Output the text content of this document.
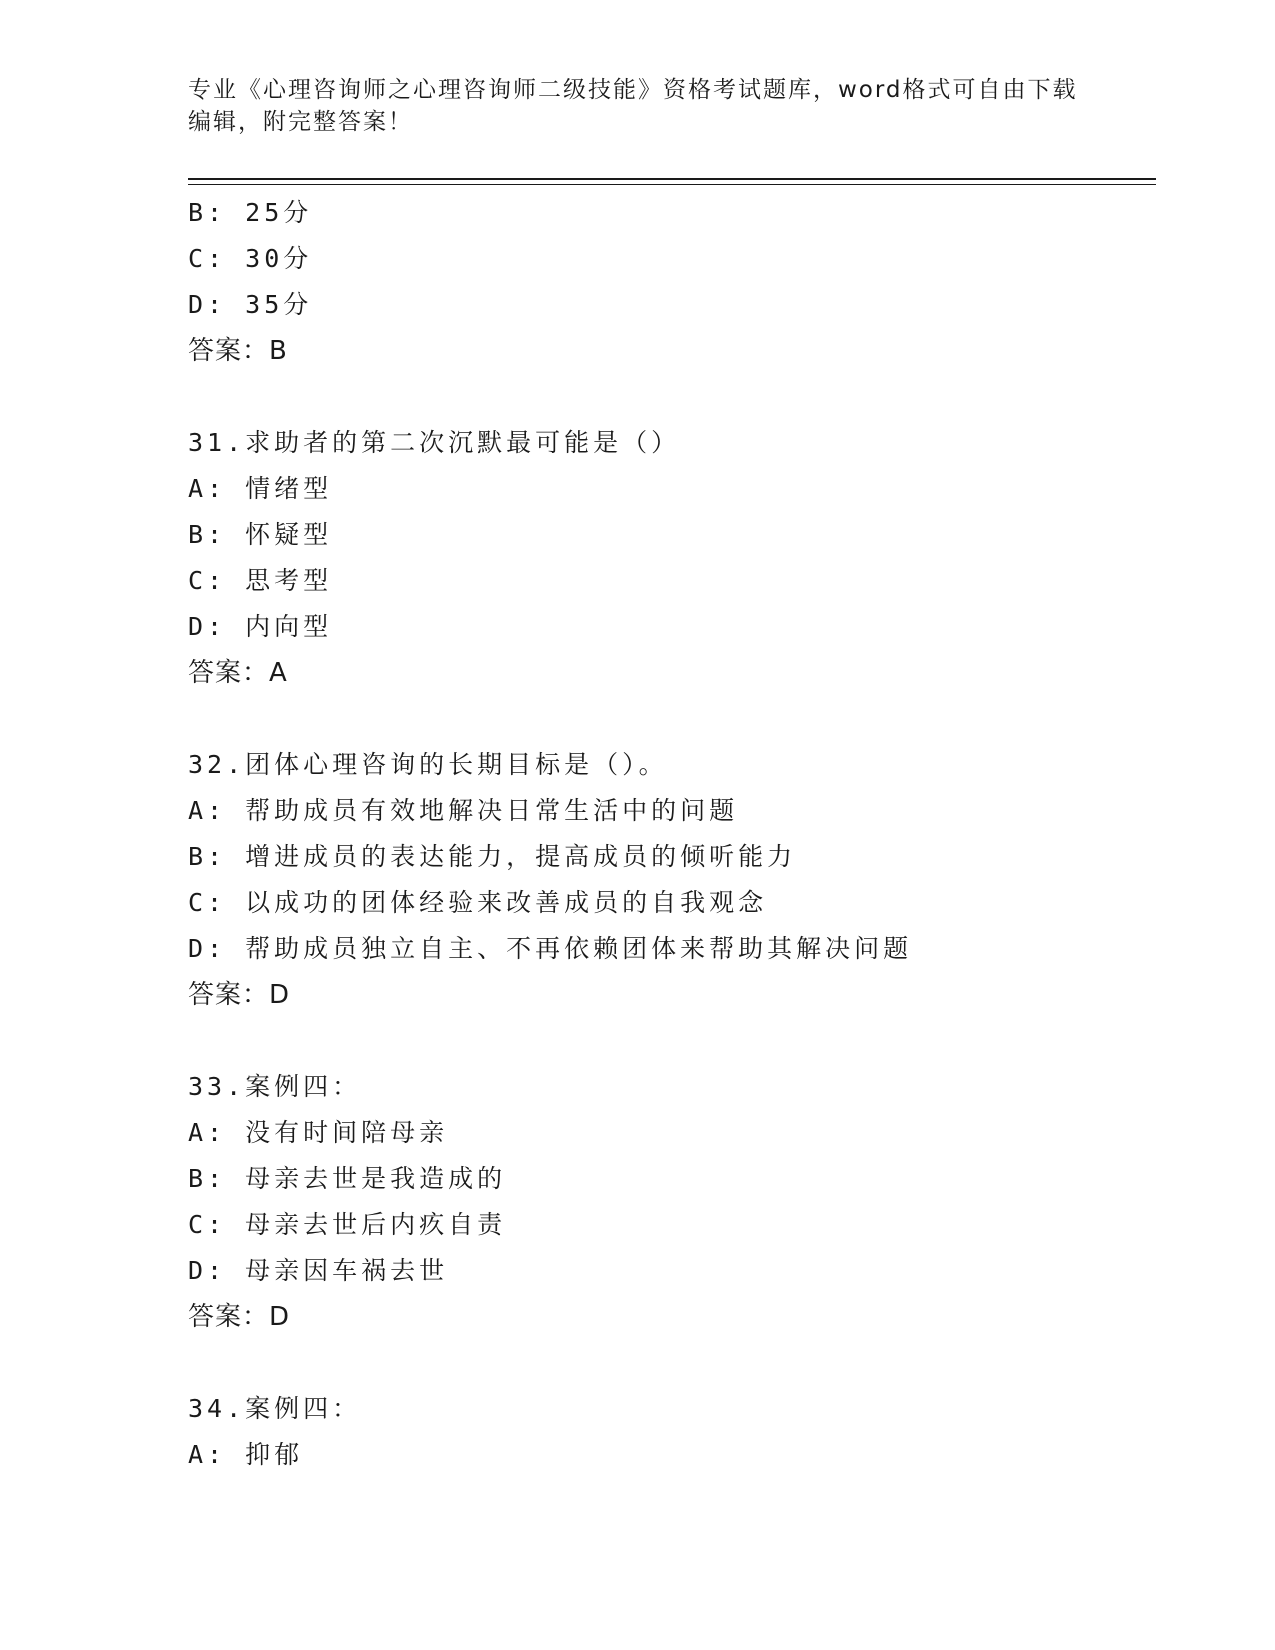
专业《心理咨询师之心理咨询师二级技能》资格考试题库，word格式可自由下载
编辑，附完整答案！
B: 25分
C: 30分
D: 35分
答案：B
31.求助者的第二次沉默最可能是（）
A: 情绪型
B: 怀疑型
C: 思考型
D: 内向型
答案：A
32.团体心理咨询的长期目标是（）。
A: 帮助成员有效地解决日常生活中的问题
B: 增进成员的表达能力，提高成员的倾听能力
C: 以成功的团体经验来改善成员的自我观念
D: 帮助成员独立自主、不再依赖团体来帮助其解决问题
答案：D
33.案例四：
A: 没有时间陪母亲
B: 母亲去世是我造成的
C: 母亲去世后内疚自责
D: 母亲因车祸去世
答案：D
34.案例四：
A: 抑郁
